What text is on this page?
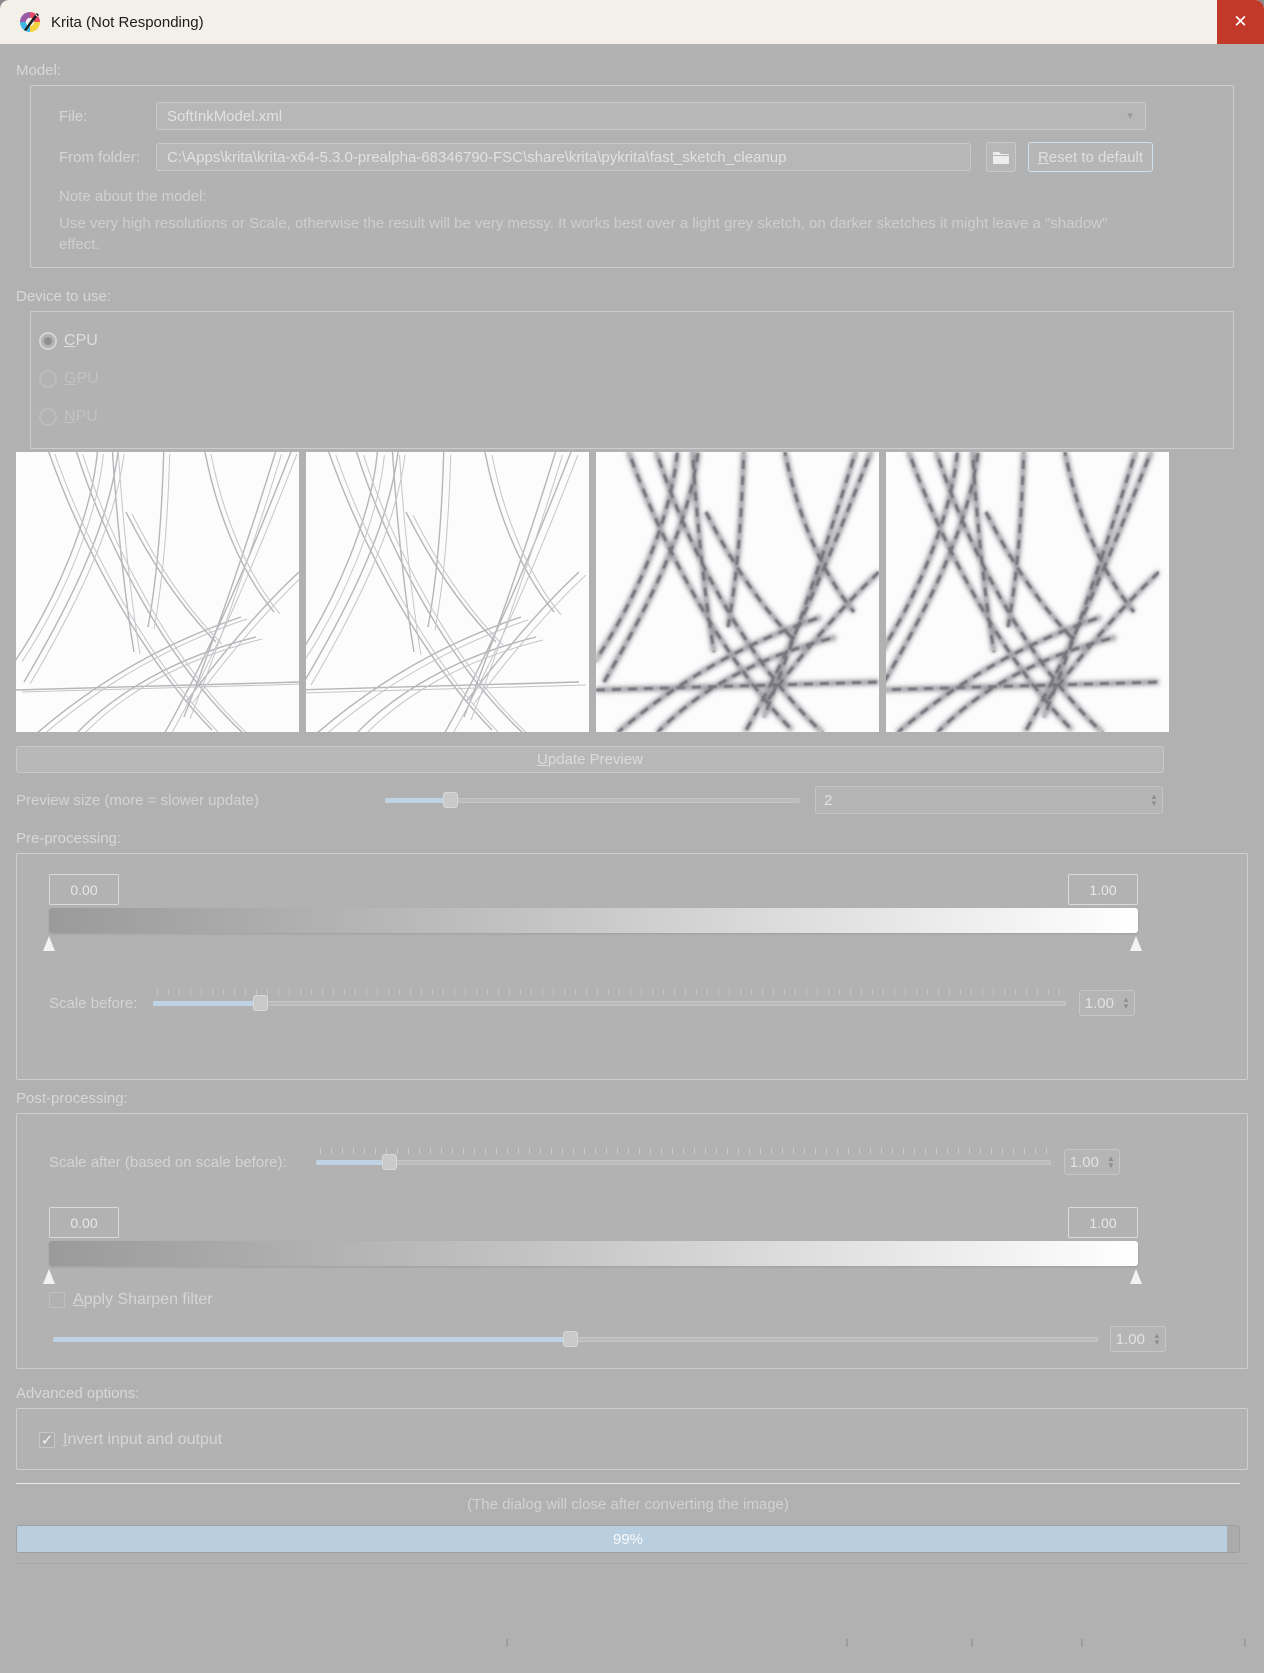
Krita (Not Responding)	✕
Model:
File:	SoftInkModel.xml	▼
From folder:	C:\Apps\krita\krita-x64-5.3.0-prealpha-68346790-FSC\share\krita\pykrita\fast_sketch_cleanup	Reset to default
Note about the model:
Use very high resolutions or Scale, otherwise the result will be very messy. It works best over a light grey sketch, on darker sketches it might leave a "shadow" effect.
Device to use:
CPU
GPU
NPU
Update Preview
Preview size (more = slower update)	2	▲
▼
Pre-processing:
0.00	1.00
Scale before:	1.00	▲
▼
Post-processing:
Scale after (based on scale before):	1.00	▲
▼
0.00	1.00
Apply Sharpen filter
1.00	▲
▼
Advanced options:
✓ Invert input and output
(The dialog will close after converting the image)
99%
